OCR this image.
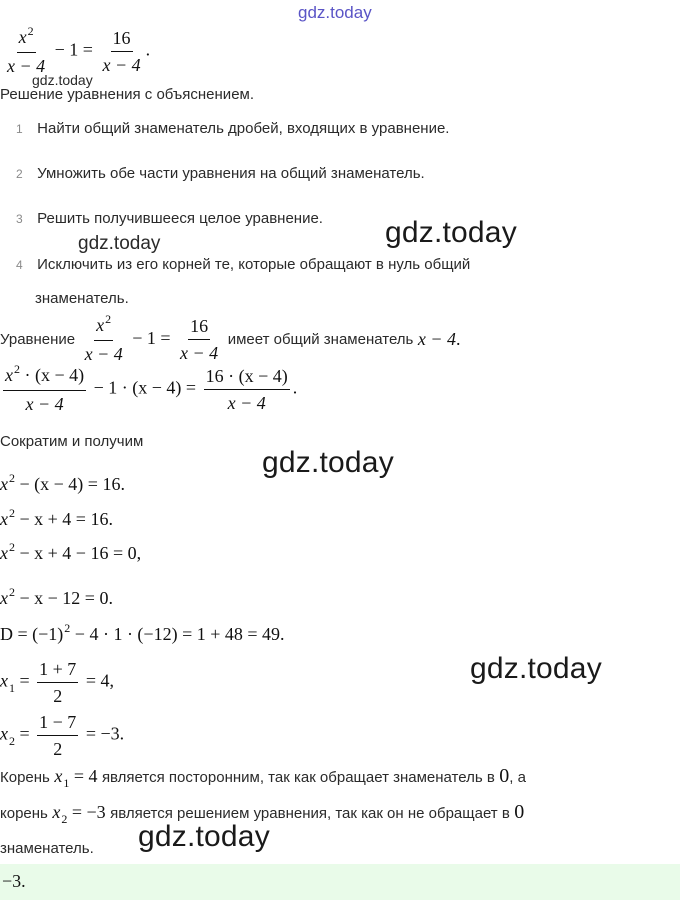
gdz.today
$\frac{x^2}{x - 4} - 1 = \frac{16}{x - 4}$ .
gdz.today
Решение уравнения с объяснением.
1 Найти общий знаменатель дробей, входящих в уравнение.
2 Умножить обе части уравнения на общий знаменатель.
3 Решить получившееся целое уравнение.
4 Исключить из его корней те, которые обращают в нуль общий
знаменатель.
gdz.today
gdz.today
Уравнение $\frac{x^2}{x - 4} - 1 = \frac{16}{x - 4}$ имеет общий знаменатель x − 4.
$\frac{x^2 \cdot (x - 4)}{x - 4} - 1 \cdot (x - 4) = \frac{16 \cdot (x - 4)}{x - 4}$ .
Сократим и получим
gdz.today
$x^2 - (x - 4) = 16$.
$x^2 - x + 4 = 16$.
$x^2 - x + 4 - 16 = 0$,
$x^2 - x - 12 = 0$.
$D = (-1)^2 - 4 \cdot 1 \cdot (-12) = 1 + 48 = 49$.
gdz.today
$x_1 = \frac{1 + 7}{2} = 4$,
$x_2 = \frac{1 - 7}{2} = -3$.
Корень $x_1 = 4$ является посторонним, так как обращает знаменатель в 0, а
корень $x_2 = -3$ является решением уравнения, так как он не обращает в 0
знаменатель. gdz.today
−3.
